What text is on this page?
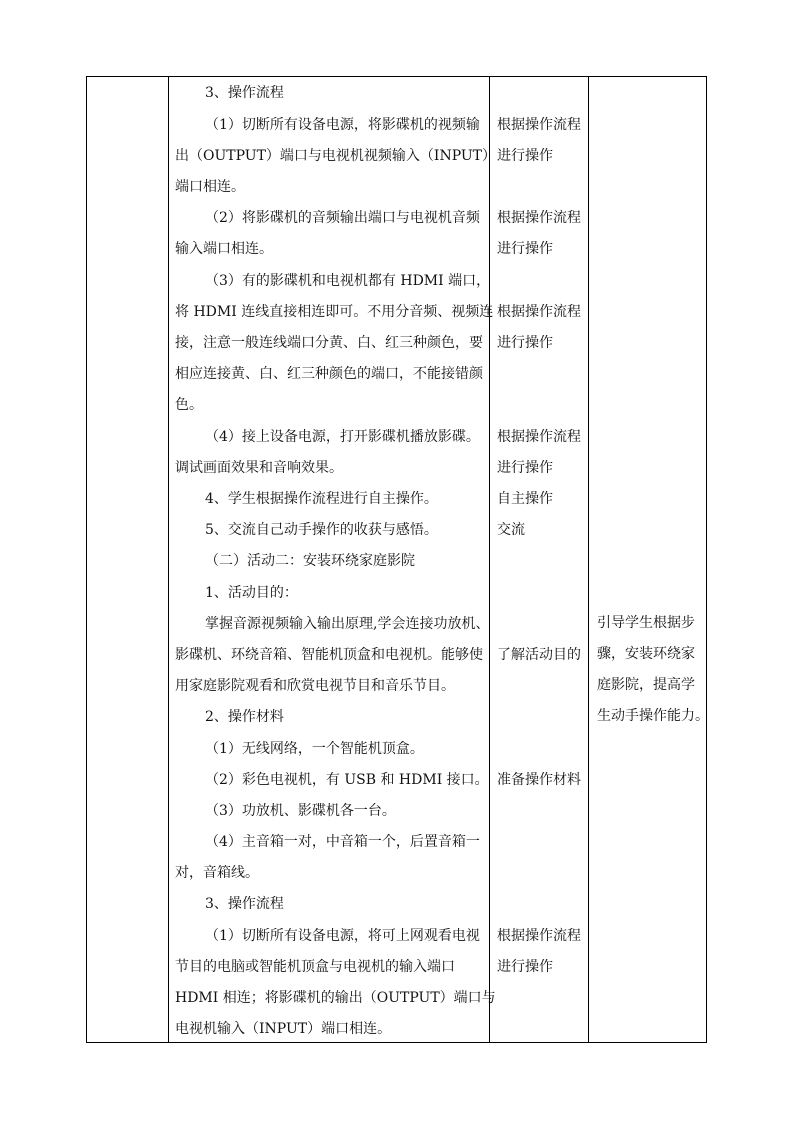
3、操作流程
（1）切断所有设备电源，将影碟机的视频输
出（OUTPUT）端口与电视机视频输入（INPUT）
端口相连。
（2）将影碟机的音频输出端口与电视机音频
输入端口相连。
（3）有的影碟机和电视机都有 HDMI 端口，
将 HDMI 连线直接相连即可。不用分音频、视频连
接，注意一般连线端口分黄、白、红三种颜色，要
相应连接黄、白、红三种颜色的端口，不能接错颜
色。
（4）接上设备电源，打开影碟机播放影碟。
调试画面效果和音响效果。
4、学生根据操作流程进行自主操作。
5、交流自己动手操作的收获与感悟。
（二）活动二：安装环绕家庭影院
1、活动目的：
掌握音源视频输入输出原理,学会连接功放机、
影碟机、环绕音箱、智能机顶盒和电视机。能够使
用家庭影院观看和欣赏电视节目和音乐节目。
2、操作材料
（1）无线网络，一个智能机顶盒。
（2）彩色电视机，有 USB 和 HDMI 接口。
（3）功放机、影碟机各一台。
（4）主音箱一对，中音箱一个，后置音箱一
对，音箱线。
3、操作流程
（1）切断所有设备电源，将可上网观看电视
节目的电脑或智能机顶盒与电视机的输入端口
HDMI 相连；将影碟机的输出（OUTPUT）端口与
电视机输入（INPUT）端口相连。
根据操作流程
进行操作
根据操作流程
进行操作
根据操作流程
进行操作
根据操作流程
进行操作
自主操作
交流
了解活动目的
准备操作材料
根据操作流程
进行操作
引导学生根据步
骤，安装环绕家
庭影院，提高学
生动手操作能力。
